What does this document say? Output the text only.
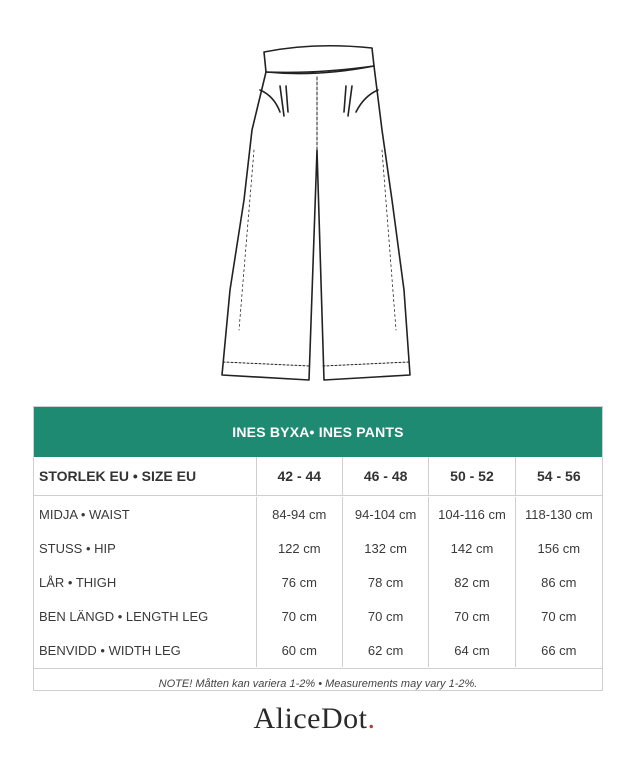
INES BYXA• INES PANTS
STORLEK EU • SIZE EU	42 - 44	46 - 48	50 - 52	54 - 56
MIDJA • WAIST	84-94 cm	94-104 cm	104-116 cm	118-130 cm
STUSS • HIP	122 cm	132 cm	142 cm	156 cm
LÅR • THIGH	76 cm	78 cm	82 cm	86 cm
BEN LÄNGD • LENGTH LEG	70 cm	70 cm	70 cm	70 cm
BENVIDD • WIDTH LEG	60 cm	62 cm	64 cm	66 cm
NOTE! Måtten kan variera 1-2% • Measurements may vary 1-2%.
AliceDot.
